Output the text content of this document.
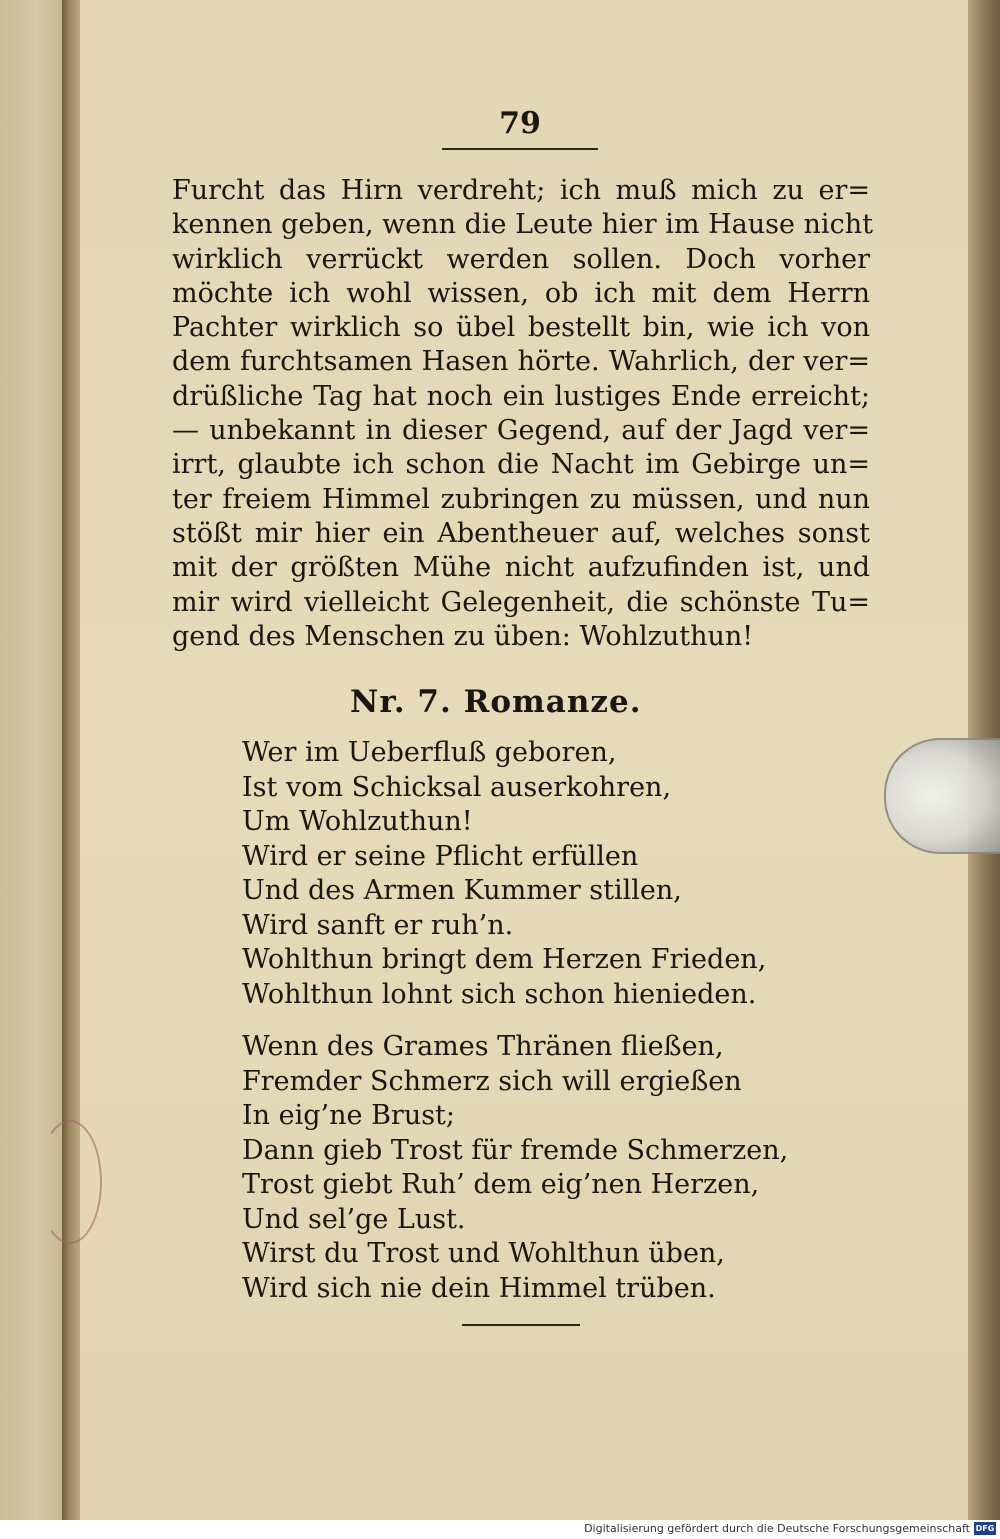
79
Furcht das Hirn verdreht; ich muß mich zu er=
kennen geben, wenn die Leute hier im Hause nicht
wirklich verrückt werden sollen. Doch vorher
möchte ich wohl wissen, ob ich mit dem Herrn
Pachter wirklich so übel bestellt bin, wie ich von
dem furchtsamen Hasen hörte. Wahrlich, der ver=
drüßliche Tag hat noch ein lustiges Ende erreicht;
— unbekannt in dieser Gegend, auf der Jagd ver=
irrt, glaubte ich schon die Nacht im Gebirge un=
ter freiem Himmel zubringen zu müssen, und nun
stößt mir hier ein Abentheuer auf, welches sonst
mit der größten Mühe nicht aufzufinden ist, und
mir wird vielleicht Gelegenheit, die schönste Tu=
gend des Menschen zu üben: Wohlzuthun!
Nr. 7. Romanze.
Wer im Ueberfluß geboren,
Ist vom Schicksal auserkohren,
Um Wohlzuthun!
Wird er seine Pflicht erfüllen
Und des Armen Kummer stillen,
Wird sanft er ruh’n.
Wohlthun bringt dem Herzen Frieden,
Wohlthun lohnt sich schon hienieden.
Wenn des Grames Thränen fließen,
Fremder Schmerz sich will ergießen
In eig’ne Brust;
Dann gieb Trost für fremde Schmerzen,
Trost giebt Ruh’ dem eig’nen Herzen,
Und sel’ge Lust.
Wirst du Trost und Wohlthun üben,
Wird sich nie dein Himmel trüben.
Digitalisierung gefördert durch die Deutsche Forschungsgemeinschaft DFG
